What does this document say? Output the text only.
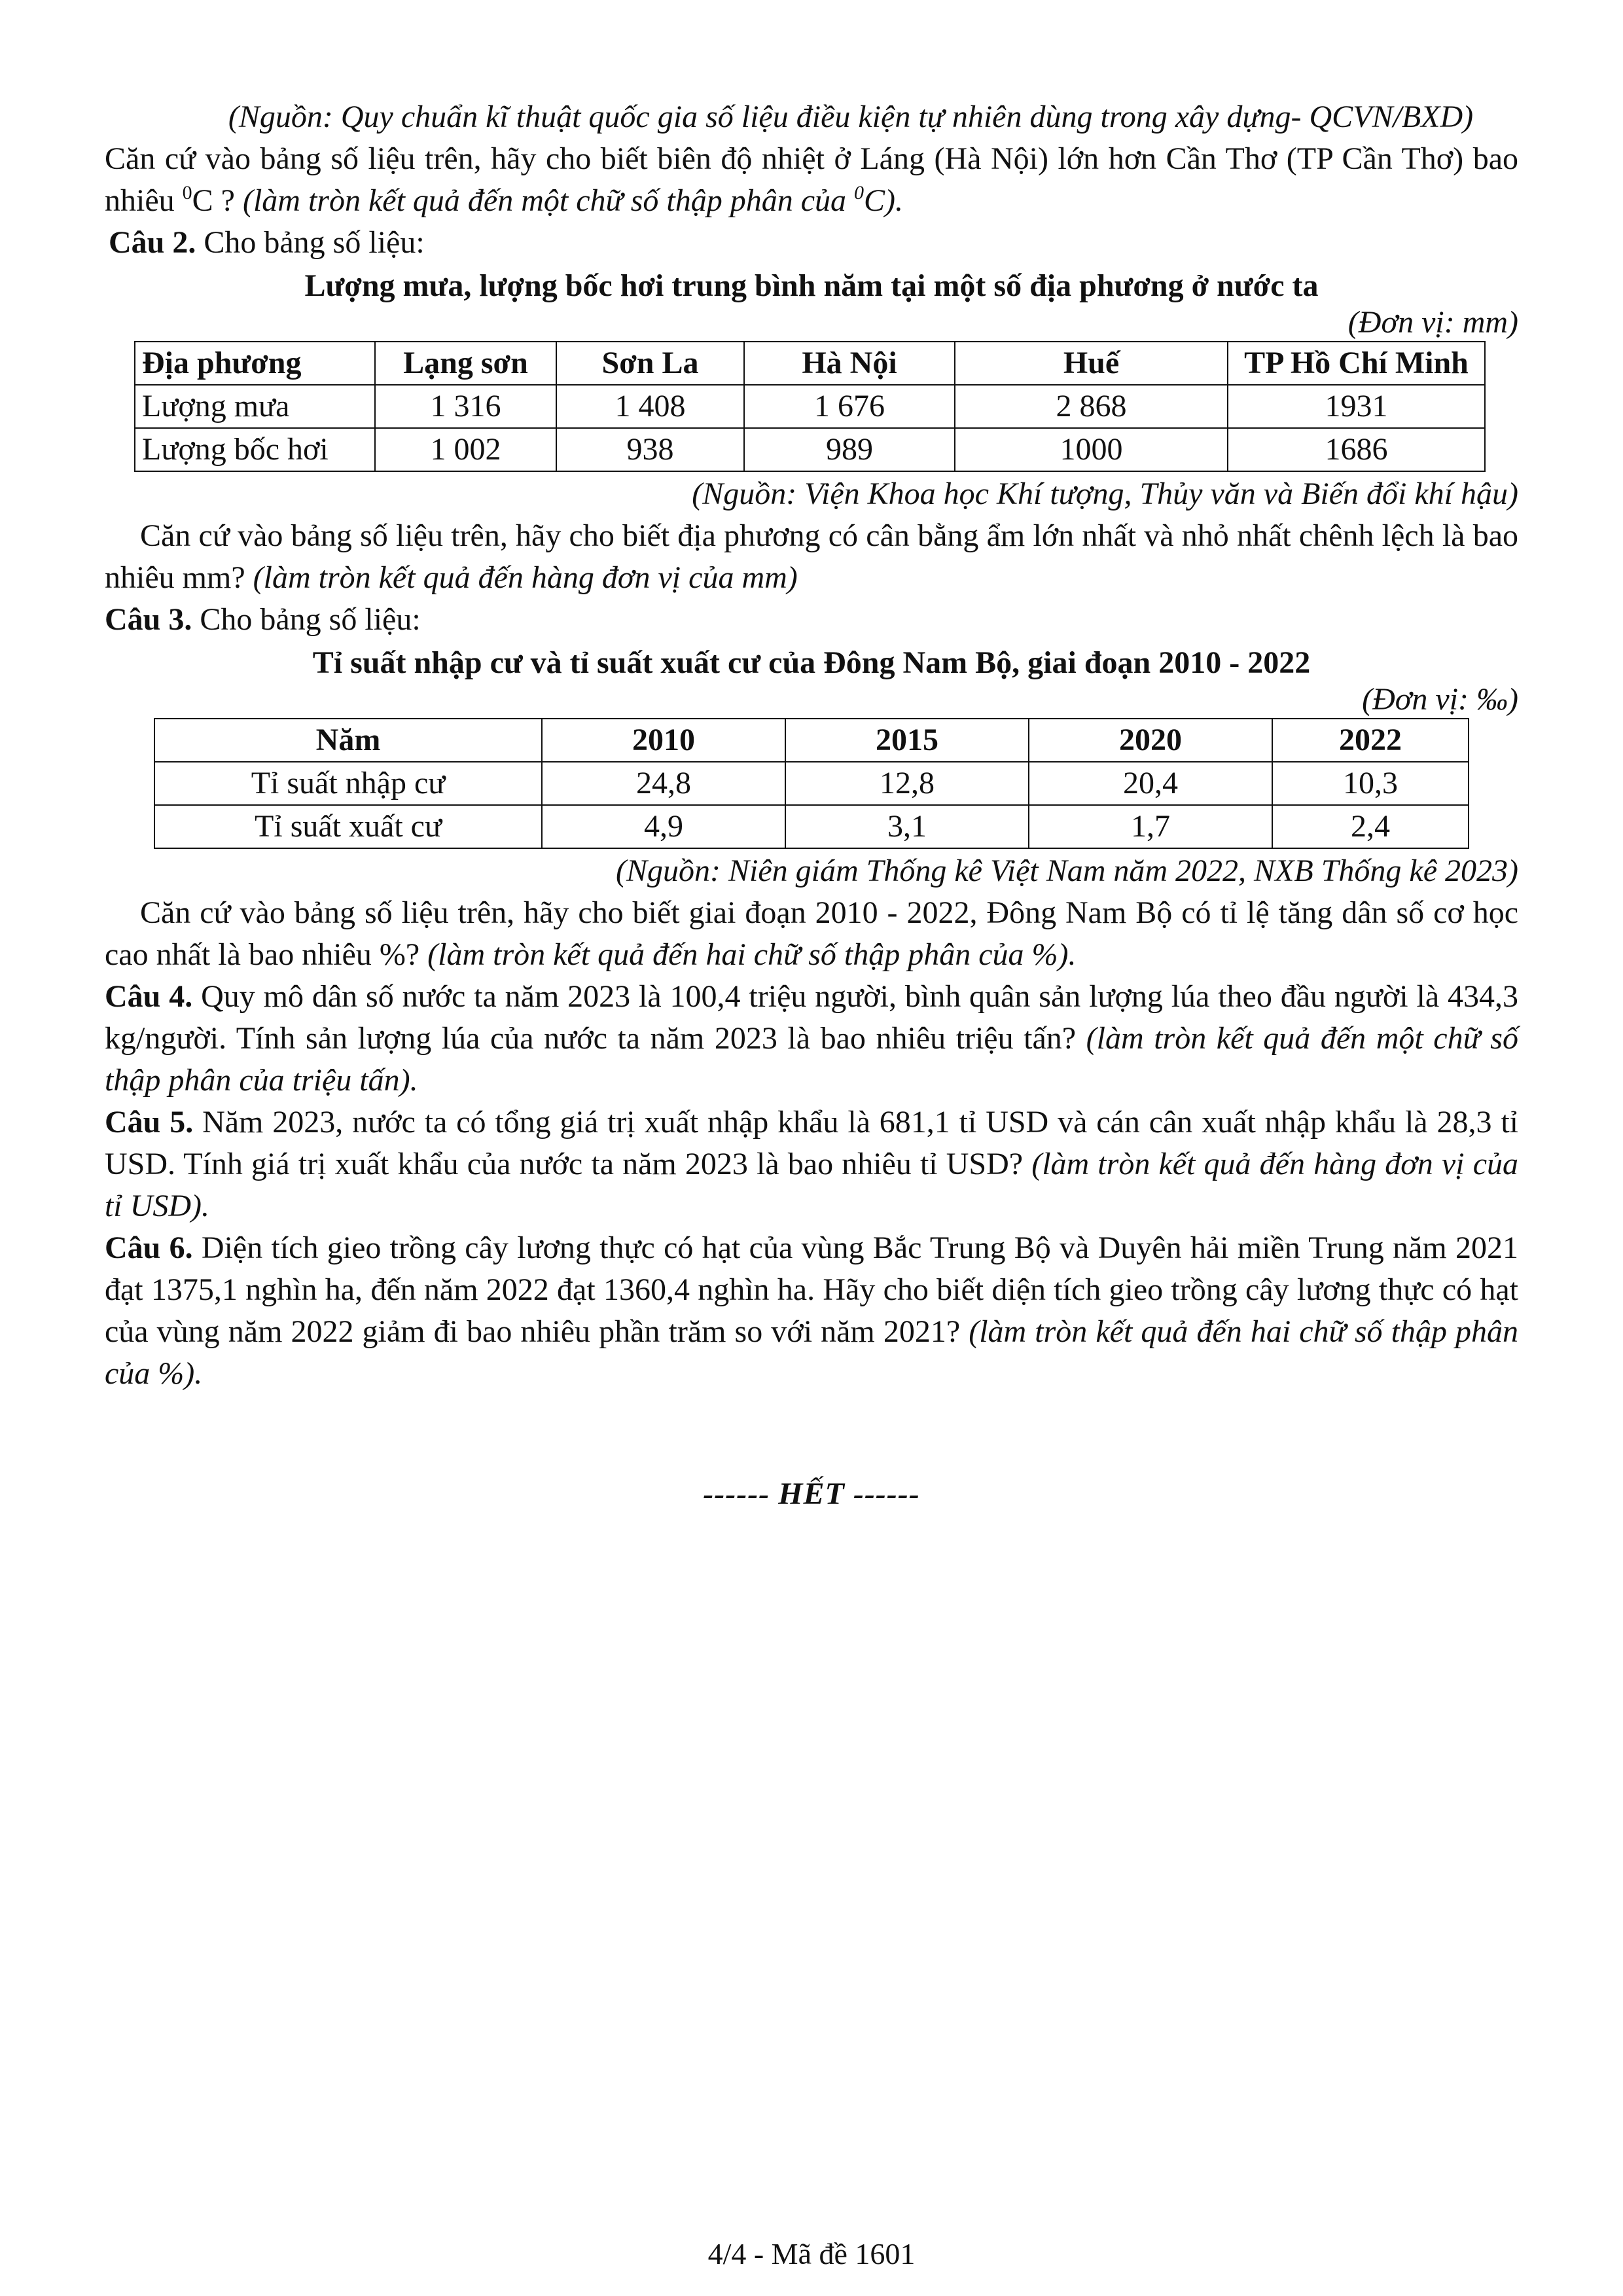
(Nguồn: Quy chuẩn kĩ thuật quốc gia số liệu điều kiện tự nhiên dùng trong xây dựng- QCVN/BXD)

Căn cứ vào bảng số liệu trên, hãy cho biết biên độ nhiệt ở Láng (Hà Nội) lớn hơn Cần Thơ (TP Cần Thơ) bao nhiêu $^0$C ? (làm tròn kết quả đến một chữ số thập phân của $^0$C).

Câu 2. Cho bảng số liệu:

Lượng mưa, lượng bốc hơi trung bình năm tại một số địa phương ở nước ta

(Đơn vị: mm)

Địa phương	Lạng sơn	Sơn La	Hà Nội	Huế	TP Hồ Chí Minh
Lượng mưa	1 316	1 408	1 676	2 868	1931
Lượng bốc hơi	1 002	938	989	1000	1686

(Nguồn: Viện Khoa học Khí tượng, Thủy văn và Biến đổi khí hậu)

Căn cứ vào bảng số liệu trên, hãy cho biết địa phương có cân bằng ẩm lớn nhất và nhỏ nhất chênh lệch là bao nhiêu mm? (làm tròn kết quả đến hàng đơn vị của mm)

Câu 3. Cho bảng số liệu:

Tỉ suất nhập cư và tỉ suất xuất cư của Đông Nam Bộ, giai đoạn 2010 - 2022

(Đơn vị: ‰)

Năm	2010	2015	2020	2022
Tỉ suất nhập cư	24,8	12,8	20,4	10,3
Tỉ suất xuất cư	4,9	3,1	1,7	2,4

(Nguồn: Niên giám Thống kê Việt Nam năm 2022, NXB Thống kê 2023)

Căn cứ vào bảng số liệu trên, hãy cho biết giai đoạn 2010 - 2022, Đông Nam Bộ có tỉ lệ tăng dân số cơ học cao nhất là bao nhiêu %? (làm tròn kết quả đến hai chữ số thập phân của %).

Câu 4. Quy mô dân số nước ta năm 2023 là 100,4 triệu người, bình quân sản lượng lúa theo đầu người là 434,3 kg/người. Tính sản lượng lúa của nước ta năm 2023 là bao nhiêu triệu tấn? (làm tròn kết quả đến một chữ số thập phân của triệu tấn).

Câu 5. Năm 2023, nước ta có tổng giá trị xuất nhập khẩu là 681,1 tỉ USD và cán cân xuất nhập khẩu là 28,3 tỉ USD. Tính giá trị xuất khẩu của nước ta năm 2023 là bao nhiêu tỉ USD? (làm tròn kết quả đến hàng đơn vị của tỉ USD).

Câu 6. Diện tích gieo trồng cây lương thực có hạt của vùng Bắc Trung Bộ và Duyên hải miền Trung năm 2021 đạt 1375,1 nghìn ha, đến năm 2022 đạt 1360,4 nghìn ha. Hãy cho biết diện tích gieo trồng cây lương thực có hạt của vùng năm 2022 giảm đi bao nhiêu phần trăm so với năm 2021? (làm tròn kết quả đến hai chữ số thập phân của %).

------ HẾT ------

4/4 - Mã đề 1601
